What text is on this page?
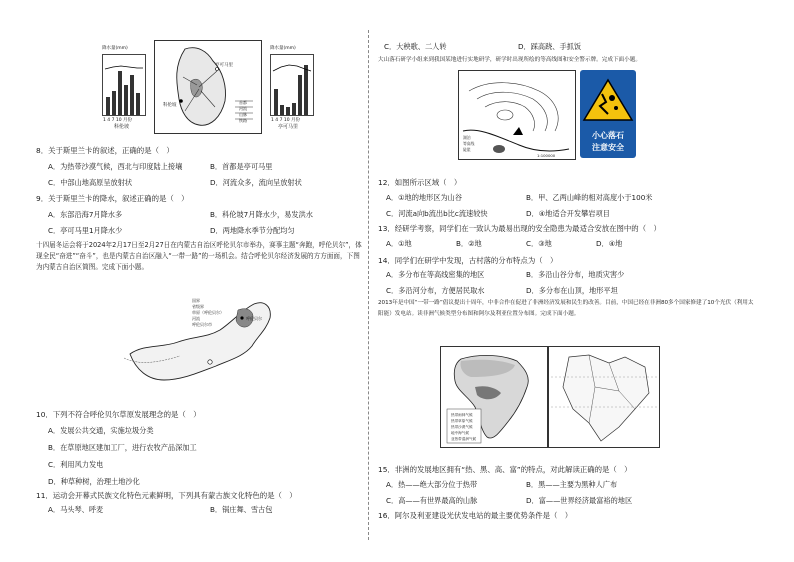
降水量(mm)
1 4 7 10 月份
科伦坡
亭可马里
科伦坡
首都
河流
山脉
铁路
降水量(mm)
1 4 7 10 月份
亭可马里
8．关于斯里兰卡的叙述，正确的是（　）
A．为热带沙漠气候，西北与印度陆上接壤	B．首都是亭可马里
C．中部山地高原呈放射状	D．河流众多，流向呈放射状
9．关于斯里兰卡的降水，叙述正确的是（　）
A．东部沿海7月降水多	B．科伦坡7月降水少，易发洪水
C．亭可马里1月降水少	D．两地降水季节分配均匀
十四届冬运会将于2024年2月17日至2月27日在内蒙古自治区呼伦贝尔市举办，赛事主题“奔跑，呼伦贝尔”，体现全民“奋进”“奋斗”，也是内蒙古自治区融入“一带一路”的一场机会。结合呼伦贝尔经济发展的方方面面，下图为内蒙古自治区简图。完成下面小题。
国界
省级界
草原（呼伦贝尔）
河流
呼伦贝尔市
呼伦贝尔
10．下列不符合呼伦贝尔草原发展理念的是（　）
A．发展公共交通，实施垃圾分类
B．在草原地区建加工厂，进行农牧产品深加工
C．利用风力发电
D．种草种树，治理土地沙化
11．运动会开幕式民族文化特色元素鲜明，下列具有蒙古族文化特色的是（　）
A．马头琴、呼麦	B．锅庄舞、雪古包
C．大秧歌、二人转	D．踩高跷、手抓饭
大山落石研学小组来到我国某地进行实地研学，研学时出现所绘的等高线图和安全警示牌。完成下面小题。
湖泊
等高线
陡崖
1:100000
小心落石
注意安全
12．如图所示区域（　）
A．①地的地形区为山谷	B．甲、乙两山峰的相对高度小于100米
C．河流a向b流出b比c流速较快	D．④地适合开发攀岩项目
13．经研学考察，同学们在一致认为最易出现的安全隐患为最适合安放在图中的（　）
A．①地	B．②地	C．③地	D．④地
14．同学们在研学中发现，古村落的分布特点为（　）
A．多分布在等高线密集的地区	B．多沿山谷分布，地质灾害少
C．多沿河分布，方便居民取水	D．多分布在山顶，地形平坦
2013年是中国“一带一路”倡议提出十周年，中非合作在促进了非洲经济发展和民生的改善。目前，中国已经在非洲80多个国家修建了10个光伏（利用太阳能）发电站。读非洲气候类型分布图和阿尔及利亚位置分布图。完成下面小题。
热带雨林气候
热带草原气候
热带沙漠气候
地中海气候
亚热带湿润气候
15．非洲的发展地区拥有“热、黑、高、富”的特点，对此解读正确的是（　）
A．热——绝大部分位于热带	B．黑——主要为黑种人广布
C．高——有世界最高的山脉	D．富——世界经济最富裕的地区
16．阿尔及利亚建设光伏发电站的最主要优势条件是（　）
